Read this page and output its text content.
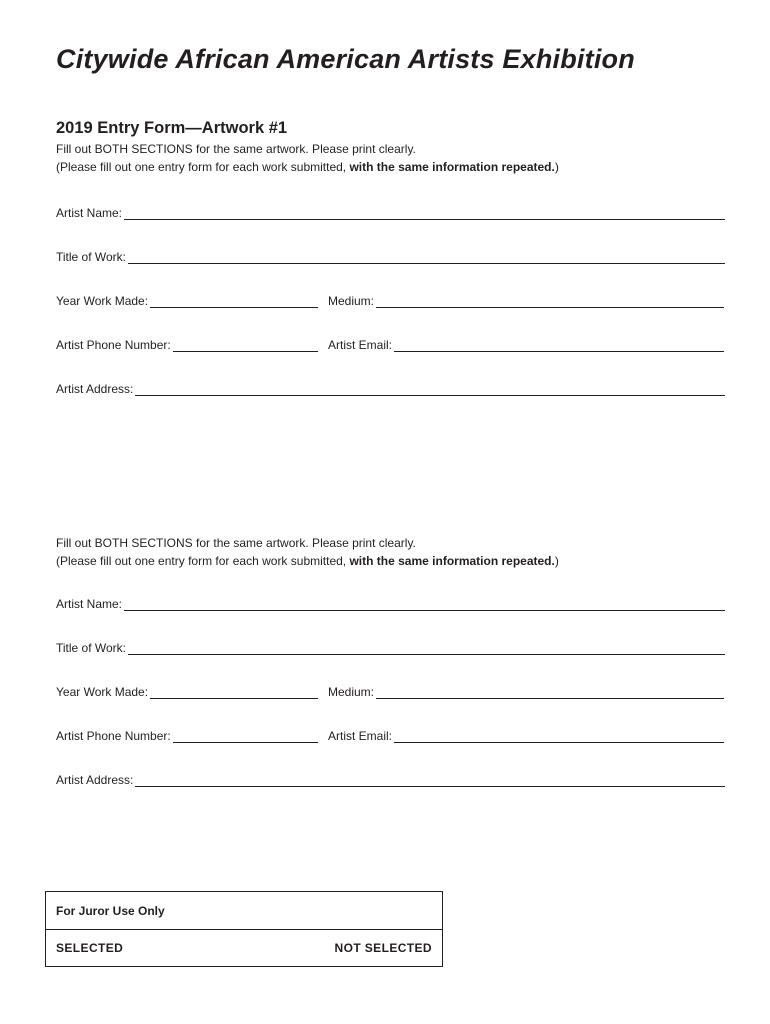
Citywide African American Artists Exhibition
2019 Entry Form—Artwork #1
Fill out BOTH SECTIONS for the same artwork. Please print clearly.
(Please fill out one entry form for each work submitted, with the same information repeated.)
Artist Name:
Title of Work:
Year Work Made:	Medium:
Artist Phone Number:	Artist Email:
Artist Address:
Fill out BOTH SECTIONS for the same artwork. Please print clearly.
(Please fill out one entry form for each work submitted, with the same information repeated.)
Artist Name:
Title of Work:
Year Work Made:	Medium:
Artist Phone Number:	Artist Email:
Artist Address:
For Juror Use Only
SELECTED	NOT SELECTED
